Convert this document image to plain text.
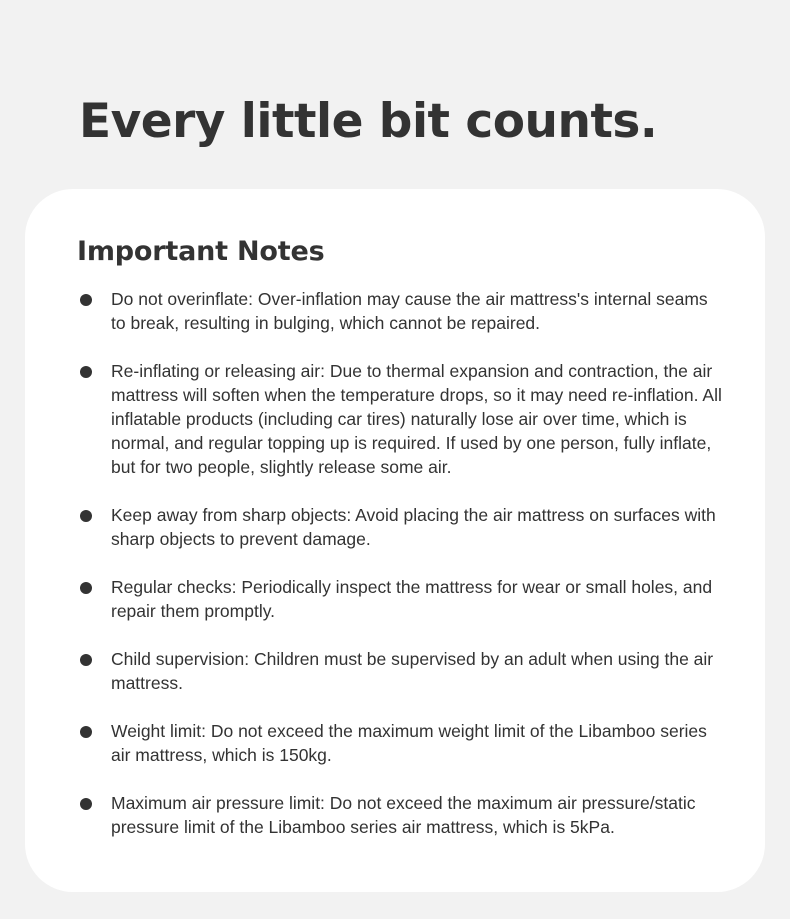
Every little bit counts.
Important Notes
Do not overinflate: Over-inflation may cause the air mattress's internal seams to break, resulting in bulging, which cannot be repaired.
Re-inflating or releasing air: Due to thermal expansion and contraction, the air mattress will soften when the temperature drops, so it may need re-inflation. All inflatable products (including car tires) naturally lose air over time, which is normal, and regular topping up is required. If used by one person, fully inflate, but for two people, slightly release some air.
Keep away from sharp objects: Avoid placing the air mattress on surfaces with sharp objects to prevent damage.
Regular checks: Periodically inspect the mattress for wear or small holes, and repair them promptly.
Child supervision: Children must be supervised by an adult when using the air mattress.
Weight limit: Do not exceed the maximum weight limit of the Libamboo series air mattress, which is 150kg.
Maximum air pressure limit: Do not exceed the maximum air pressure/static pressure limit of the Libamboo series air mattress, which is 5kPa.
